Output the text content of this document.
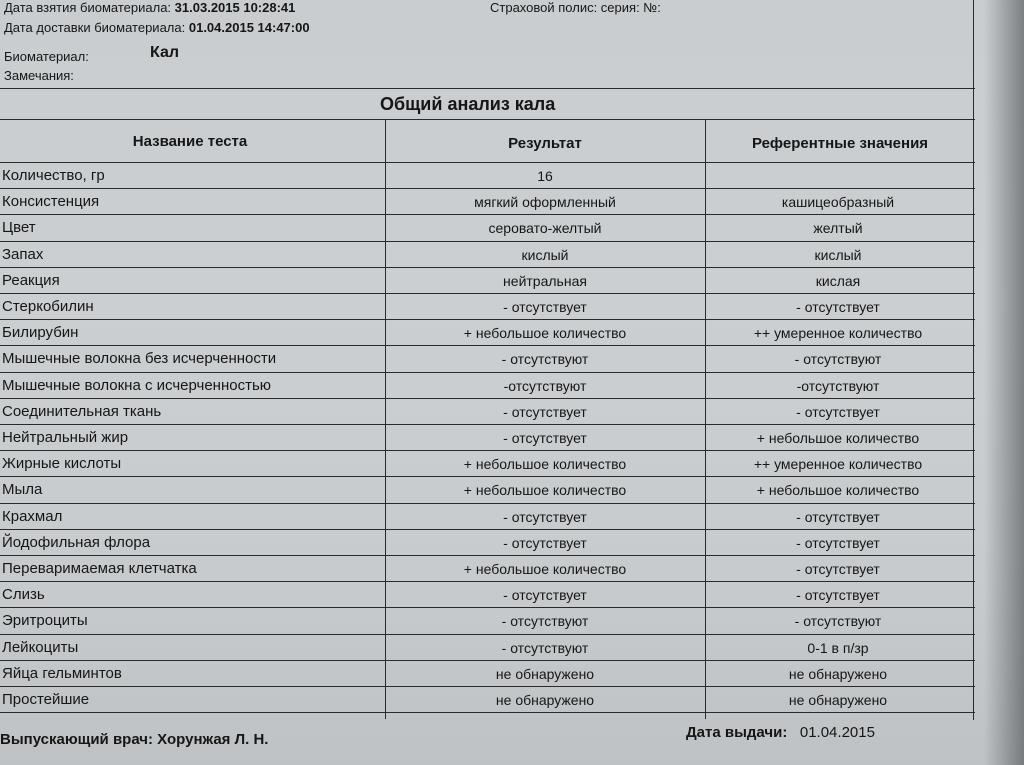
Дата взятия биоматериала: 31.03.2015 10:28:41	Страховой полис: серия: №:
Дата доставки биоматериала: 01.04.2015 14:47:00
Биоматериал:	Кал
Замечания:
Общий анализ кала
Название теста	Результат	Референтные значения
Количество, гр	16
Консистенция	мягкий оформленный	кашицеобразный
Цвет	серовато-желтый	желтый
Запах	кислый	кислый
Реакция	нейтральная	кислая
Стеркобилин	- отсутствует	- отсутствует
Билирубин	+ небольшое количество	++ умеренное количество
Мышечные волокна без исчерченности	- отсутствуют	- отсутствуют
Мышечные волокна с исчерченностью	-отсутствуют	-отсутствуют
Соединительная ткань	- отсутствует	- отсутствует
Нейтральный жир	- отсутствует	+ небольшое количество
Жирные кислоты	+ небольшое количество	++ умеренное количество
Мыла	+ небольшое количество	+ небольшое количество
Крахмал	- отсутствует	- отсутствует
Йодофильная флора	- отсутствует	- отсутствует
Переваримаемая клетчатка	+ небольшое количество	- отсутствует
Слизь	- отсутствует	- отсутствует
Эритроциты	- отсутствуют	- отсутствуют
Лейкоциты	- отсутствуют	0-1 в п/зр
Яйца гельминтов	не обнаружено	не обнаружено
Простейшие	не обнаружено	не обнаружено
Выпускающий врач: Хорунжая Л. Н.	Дата выдачи: 01.04.2015
